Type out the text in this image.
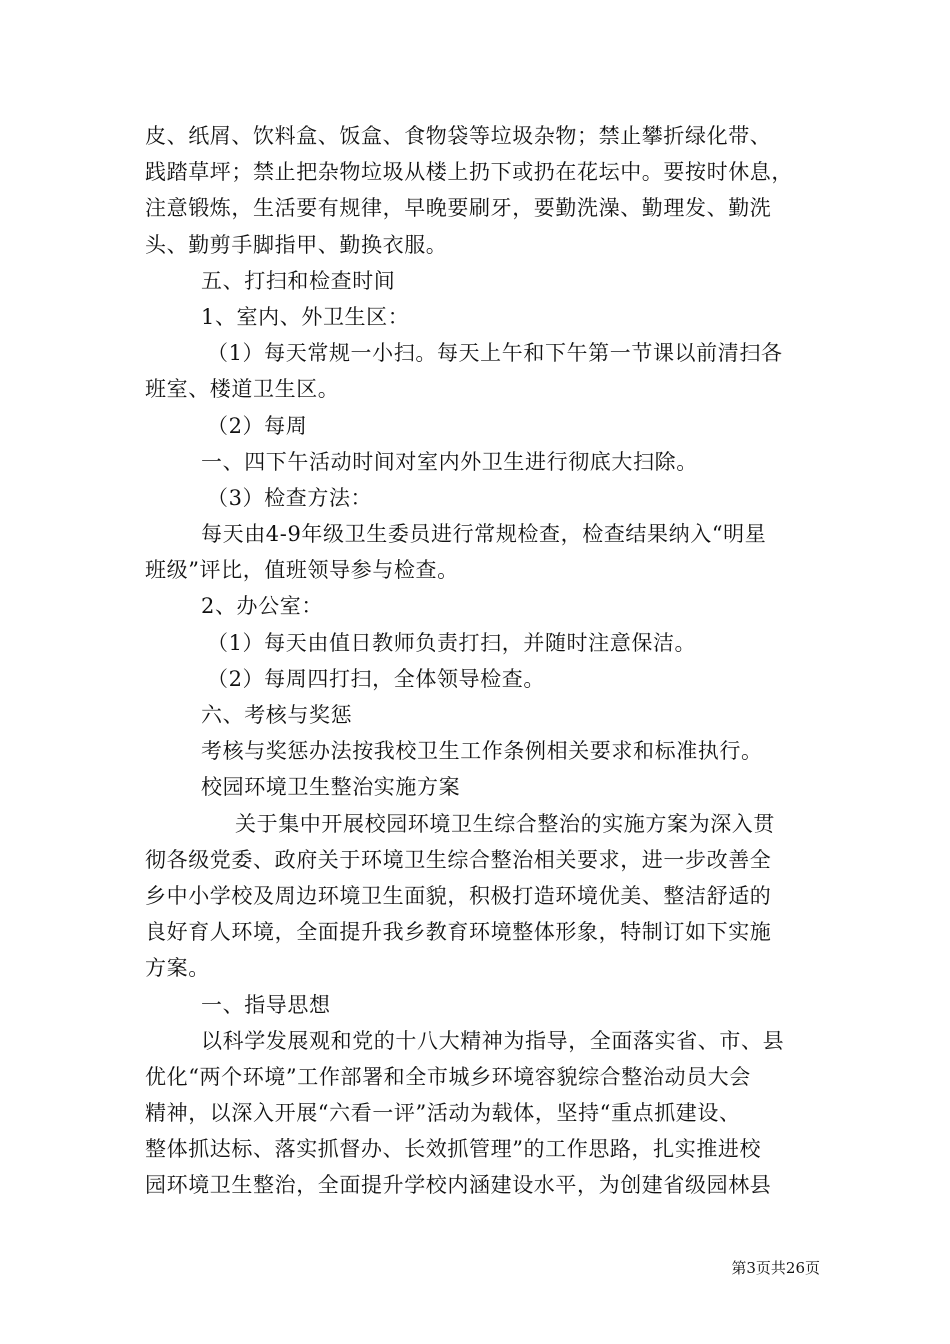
皮、纸屑、饮料盒、饭盒、食物袋等垃圾杂物；禁止攀折绿化带、
践踏草坪；禁止把杂物垃圾从楼上扔下或扔在花坛中。要按时休息，
注意锻炼，生活要有规律，早晚要刷牙，要勤洗澡、勤理发、勤洗
头、勤剪手脚指甲、勤换衣服。
五、打扫和检查时间
1、室内、外卫生区：
（1）每天常规一小扫。每天上午和下午第一节课以前清扫各
班室、楼道卫生区。
（2）每周
一、四下午活动时间对室内外卫生进行彻底大扫除。
（3）检查方法：
每天由4-9年级卫生委员进行常规检查，检查结果纳入“明星
班级”评比，值班领导参与检查。
2、办公室：
（1）每天由值日教师负责打扫，并随时注意保洁。
（2）每周四打扫，全体领导检查。
六、考核与奖惩
考核与奖惩办法按我校卫生工作条例相关要求和标准执行。
校园环境卫生整治实施方案
关于集中开展校园环境卫生综合整治的实施方案为深入贯
彻各级党委、政府关于环境卫生综合整治相关要求，进一步改善全
乡中小学校及周边环境卫生面貌，积极打造环境优美、整洁舒适的
良好育人环境，全面提升我乡教育环境整体形象，特制订如下实施
方案。
一、指导思想
以科学发展观和党的十八大精神为指导，全面落实省、市、县
优化“两个环境”工作部署和全市城乡环境容貌综合整治动员大会
精神，以深入开展“六看一评”活动为载体，坚持“重点抓建设、
整体抓达标、落实抓督办、长效抓管理”的工作思路，扎实推进校
园环境卫生整治，全面提升学校内涵建设水平，为创建省级园林县
第3页共26页
